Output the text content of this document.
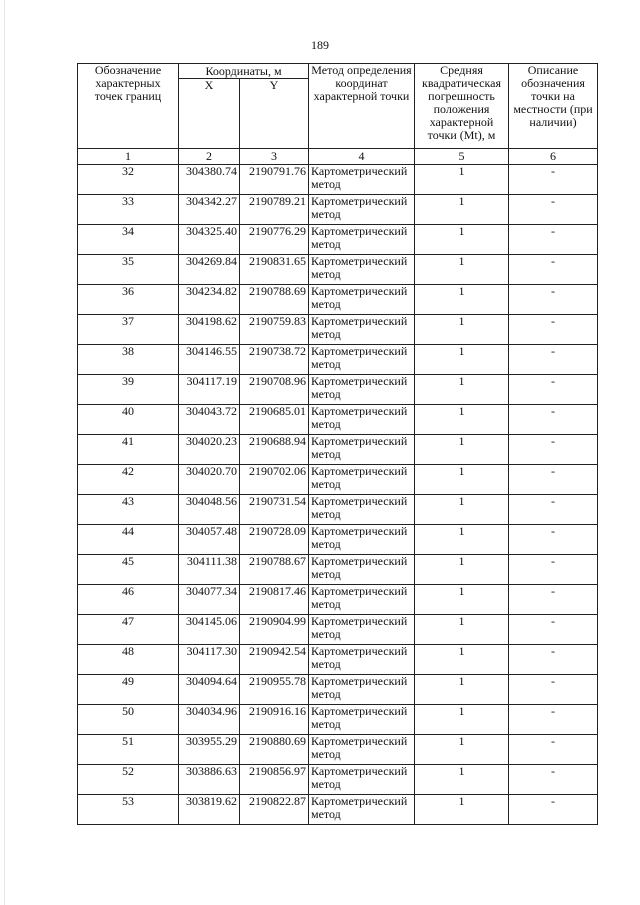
189
Обозначение характерных точек границ	Координаты, м		Метод определения координат характерной точки	Средняя квадратическая погрешность положения характерной точки (Mt), м	Описание обозначения точки на местности (при наличии)
	X	Y			
1	2	3	4	5	6
32	304380.74	2190791.76	Картометрический метод	1	-
33	304342.27	2190789.21	Картометрический метод	1	-
34	304325.40	2190776.29	Картометрический метод	1	-
35	304269.84	2190831.65	Картометрический метод	1	-
36	304234.82	2190788.69	Картометрический метод	1	-
37	304198.62	2190759.83	Картометрический метод	1	-
38	304146.55	2190738.72	Картометрический метод	1	-
39	304117.19	2190708.96	Картометрический метод	1	-
40	304043.72	2190685.01	Картометрический метод	1	-
41	304020.23	2190688.94	Картометрический метод	1	-
42	304020.70	2190702.06	Картометрический метод	1	-
43	304048.56	2190731.54	Картометрический метод	1	-
44	304057.48	2190728.09	Картометрический метод	1	-
45	304111.38	2190788.67	Картометрический метод	1	-
46	304077.34	2190817.46	Картометрический метод	1	-
47	304145.06	2190904.99	Картометрический метод	1	-
48	304117.30	2190942.54	Картометрический метод	1	-
49	304094.64	2190955.78	Картометрический метод	1	-
50	304034.96	2190916.16	Картометрический метод	1	-
51	303955.29	2190880.69	Картометрический метод	1	-
52	303886.63	2190856.97	Картометрический метод	1	-
53	303819.62	2190822.87	Картометрический метод	1	-
